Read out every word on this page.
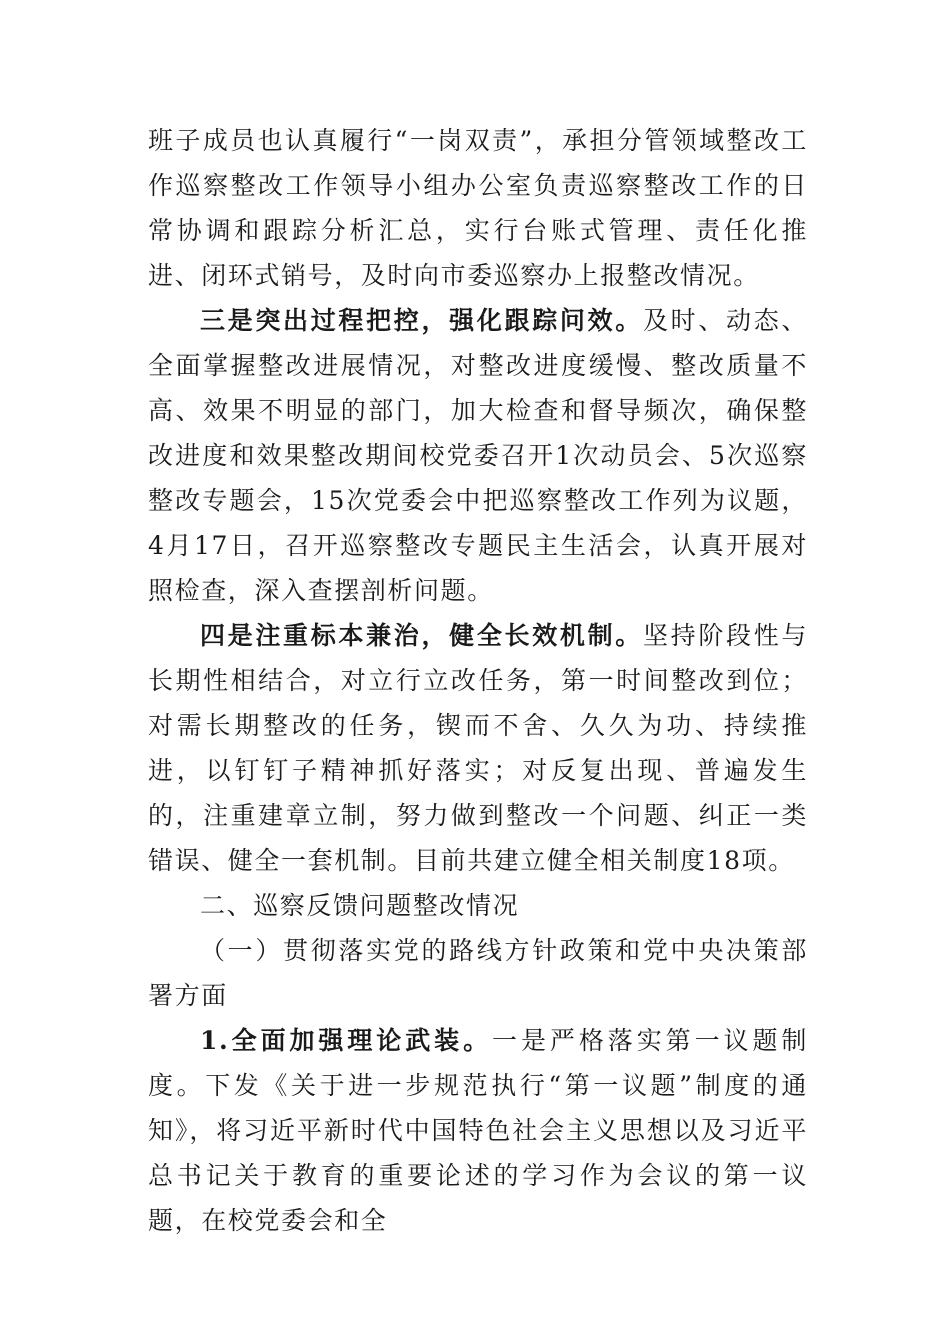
班子成员也认真履行“一岗双责”，承担分管领域整改工作巡察整改工作领导小组办公室负责巡察整改工作的日常协调和跟踪分析汇总，实行台账式管理、责任化推进、闭环式销号，及时向市委巡察办上报整改情况。

三是突出过程把控，强化跟踪问效。及时、动态、全面掌握整改进展情况，对整改进度缓慢、整改质量不高、效果不明显的部门，加大检查和督导频次，确保整改进度和效果整改期间校党委召开1次动员会、5次巡察整改专题会，15次党委会中把巡察整改工作列为议题，4月17日，召开巡察整改专题民主生活会，认真开展对照检查，深入查摆剖析问题。

四是注重标本兼治，健全长效机制。坚持阶段性与长期性相结合，对立行立改任务，第一时间整改到位；对需长期整改的任务，锲而不舍、久久为功、持续推进，以钉钉子精神抓好落实；对反复出现、普遍发生的，注重建章立制，努力做到整改一个问题、纠正一类错误、健全一套机制。目前共建立健全相关制度18项。

二、巡察反馈问题整改情况

（一）贯彻落实党的路线方针政策和党中央决策部署方面

1.全面加强理论武装。一是严格落实第一议题制度。下发《关于进一步规范执行“第一议题”制度的通知》，将习近平新时代中国特色社会主义思想以及习近平总书记关于教育的重要论述的学习作为会议的第一议题，在校党委会和全
